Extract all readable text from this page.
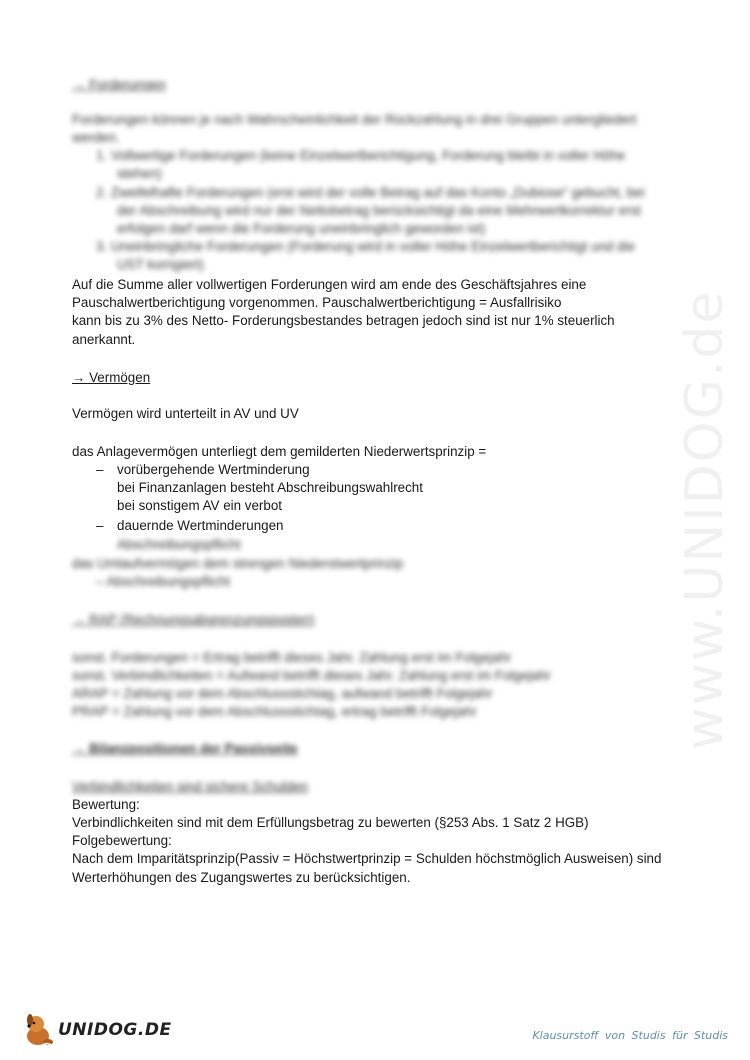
www.UNIDOG.de
→ Forderungen
Forderungen können je nach Wahrscheinlichkeit der Rückzahlung in drei Gruppen untergliedert
werden.
1. Vollwertige Forderungen (keine Einzelwertberichtigung, Forderung bleibt in voller Höhe
stehen)
2. Zweifelhafte Forderungen (erst wird der volle Betrag auf das Konto „Dubiose“ gebucht, bei
der Abschreibung wird nur der Nettobetrag berücksichtigt da eine Mehrwertkorrektur erst
erfolgen darf wenn die Forderung uneinbringlich geworden ist)
3. Uneinbringliche Forderungen (Forderung wird in voller Höhe Einzelwertberichtigt und die
UST korrigiert)
Auf die Summe aller vollwertigen Forderungen wird am ende des Geschäftsjahres eine
Pauschalwertberichtigung vorgenommen. Pauschalwertberichtigung = Ausfallrisiko
kann bis zu 3% des Netto- Forderungsbestandes betragen jedoch sind ist nur 1% steuerlich
anerkannt.
→ Vermögen
Vermögen wird unterteilt in AV und UV
das Anlagevermögen unterliegt dem gemilderten Niederwertsprinzip =
– vorübergehende Wertminderung
bei Finanzanlagen besteht Abschreibungswahlrecht
bei sonstigem AV ein verbot
– dauernde Wertminderungen
Abschreibungspflicht
das Umlaufvermögen dem strengen Niederstwertprinzip
– Abschreibungspflicht
→ RAP (Rechnungsabgrenzungsposten)
sonst. Forderungen = Ertrag betrifft dieses Jahr. Zahlung erst im Folgejahr
sonst. Verbindlichkeiten = Aufwand betrifft dieses Jahr. Zahlung erst im Folgejahr
ARAP = Zahlung vor dem Abschlussstichtag, aufwand betrifft Folgejahr
PRAP = Zahlung vor dem Abschlussstichtag, ertrag betrifft Folgejahr
→ Bilanzpositionen der Passivseite
Verbindlichkeiten sind sichere Schulden
Bewertung:
Verbindlichkeiten sind mit dem Erfüllungsbetrag zu bewerten (§253 Abs. 1 Satz 2 HGB)
Folgebewertung:
Nach dem Imparitätsprinzip(Passiv = Höchstwertprinzip = Schulden höchstmöglich Ausweisen) sind
Werterhöhungen des Zugangswertes zu berücksichtigen.
UNIDOG.DE	Klausurstoff von Studis für Studis
